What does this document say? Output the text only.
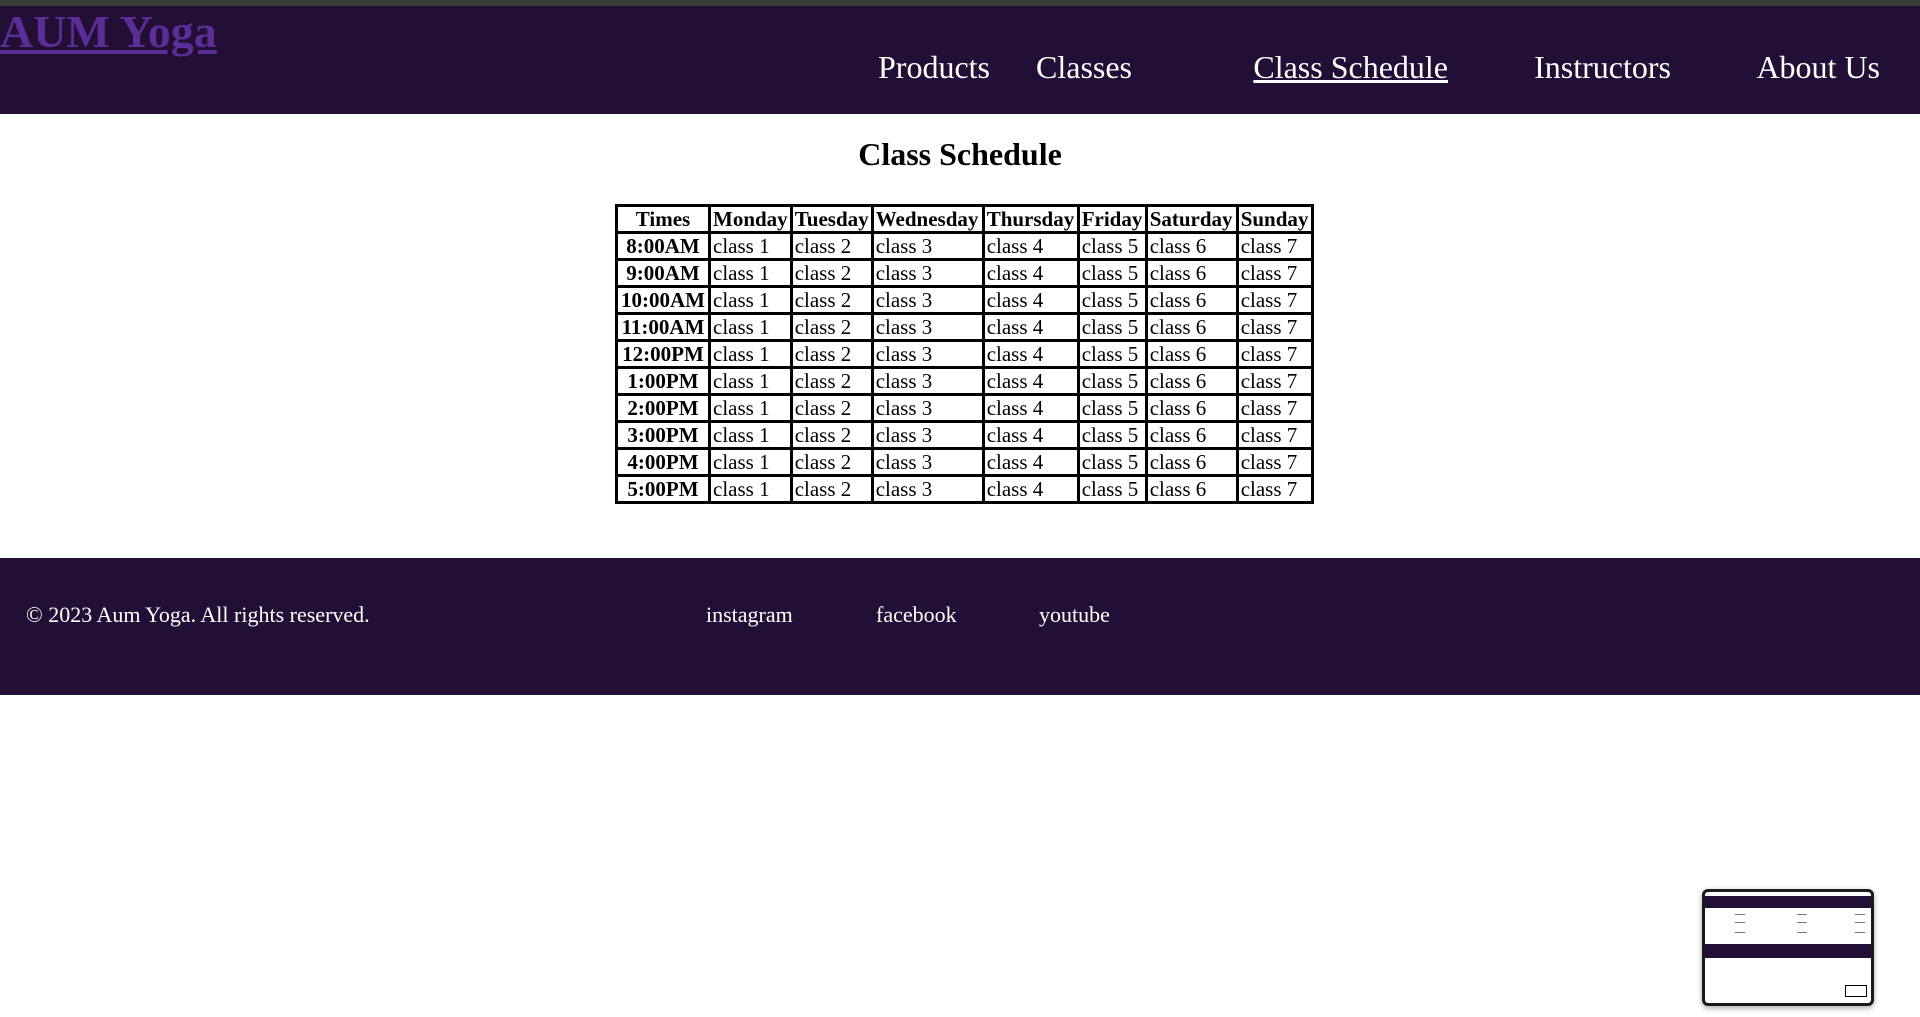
AUM Yoga
Products Classes	Class Schedule	Instructors	About Us
Class Schedule
Times	Monday	Tuesday	Wednesday	Thursday	Friday	Saturday	Sunday
8:00AM	class 1	class 2	class 3	class 4	class 5	class 6	class 7
9:00AM	class 1	class 2	class 3	class 4	class 5	class 6	class 7
10:00AM	class 1	class 2	class 3	class 4	class 5	class 6	class 7
11:00AM	class 1	class 2	class 3	class 4	class 5	class 6	class 7
12:00PM	class 1	class 2	class 3	class 4	class 5	class 6	class 7
1:00PM	class 1	class 2	class 3	class 4	class 5	class 6	class 7
2:00PM	class 1	class 2	class 3	class 4	class 5	class 6	class 7
3:00PM	class 1	class 2	class 3	class 4	class 5	class 6	class 7
4:00PM	class 1	class 2	class 3	class 4	class 5	class 6	class 7
5:00PM	class 1	class 2	class 3	class 4	class 5	class 6	class 7
© 2023 Aum Yoga. All rights reserved.	instagram	facebook	youtube
